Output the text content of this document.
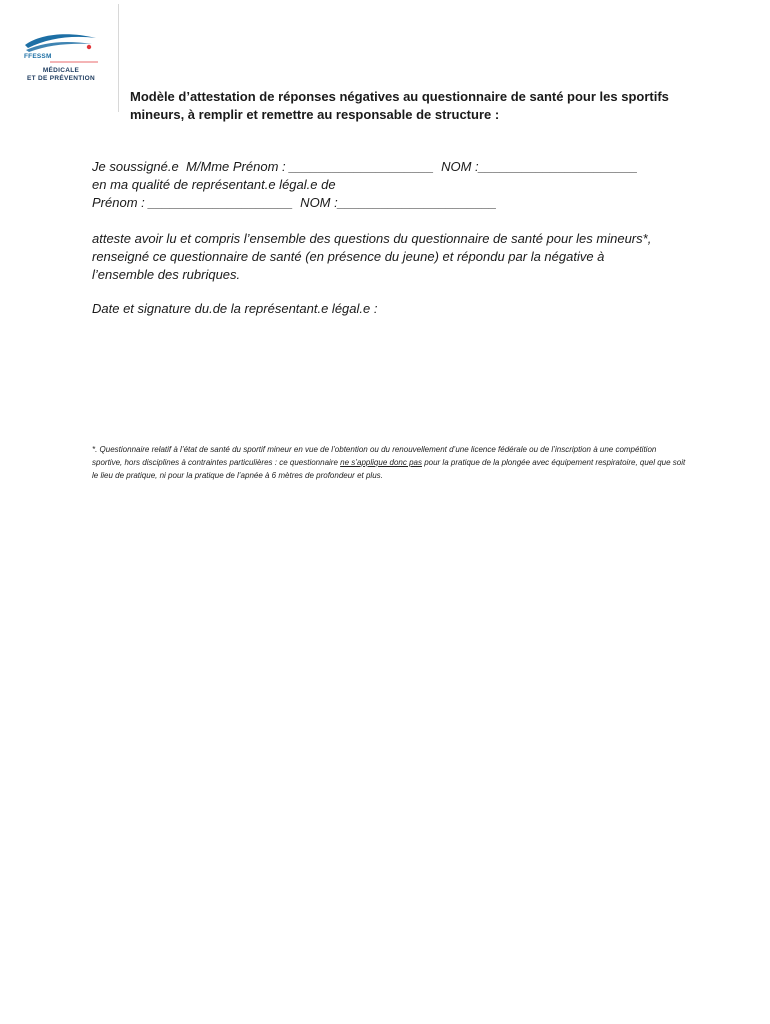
FFESSM
MÉDICALE
ET DE PRÉVENTION
Modèle d’attestation de réponses négatives au questionnaire de santé pour les sportifs mineurs, à remplir et remettre au responsable de structure :
Je soussigné.e  M/Mme Prénom : ____________________  NOM :______________________
en ma qualité de représentant.e légal.e de
Prénom : ____________________  NOM :______________________
atteste avoir lu et compris l’ensemble des questions du questionnaire de santé pour les mineurs*, renseigné ce questionnaire de santé (en présence du jeune) et répondu par la négative à l’ensemble des rubriques.
Date et signature du.de la représentant.e légal.e :
*. Questionnaire relatif à l’état de santé du sportif mineur en vue de l’obtention ou du renouvellement d’une licence fédérale ou de l’inscription à une compétition sportive, hors disciplines à contraintes particulières : ce questionnaire ne s’applique donc pas pour la pratique de la plongée avec équipement respiratoire, quel que soit le lieu de pratique, ni pour la pratique de l’apnée à 6 mètres de profondeur et plus.
